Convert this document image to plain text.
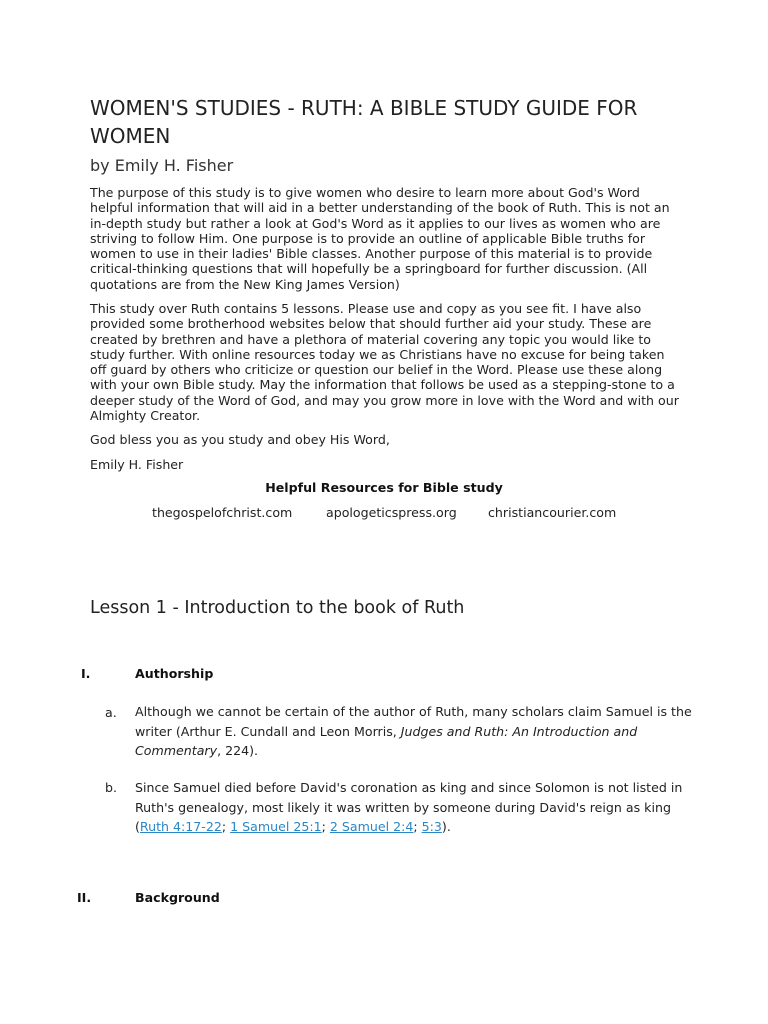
WOMEN'S STUDIES - RUTH: A BIBLE STUDY GUIDE FOR WOMEN

by Emily H. Fisher

The purpose of this study is to give women who desire to learn more about God's Word helpful information that will aid in a better understanding of the book of Ruth. This is not an in-depth study but rather a look at God's Word as it applies to our lives as women who are striving to follow Him. One purpose is to provide an outline of applicable Bible truths for women to use in their ladies' Bible classes. Another purpose of this material is to provide critical-thinking questions that will hopefully be a springboard for further discussion. (All quotations are from the New King James Version)

This study over Ruth contains 5 lessons. Please use and copy as you see fit. I have also provided some brotherhood websites below that should further aid your study. These are created by brethren and have a plethora of material covering any topic you would like to study further. With online resources today we as Christians have no excuse for being taken off guard by others who criticize or question our belief in the Word. Please use these along with your own Bible study. May the information that follows be used as a stepping-stone to a deeper study of the Word of God, and may you grow more in love with the Word and with our Almighty Creator.

God bless you as you study and obey His Word,

Emily H. Fisher

Helpful Resources for Bible study

thegospelofchrist.com	apologeticspress.org christiancourier.com
Lesson 1 - Introduction to the book of Ruth
I.	Authorship
a.	Although we cannot be certain of the author of Ruth, many scholars claim Samuel is the writer (Arthur E. Cundall and Leon Morris, Judges and Ruth: An Introduction and Commentary, 224).

b.	Since Samuel died before David's coronation as king and since Solomon is not listed in Ruth's genealogy, most likely it was written by someone during David's reign as king (Ruth 4:17-22; 1 Samuel 25:1; 2 Samuel 2:4; 5:3).

II.	Background
